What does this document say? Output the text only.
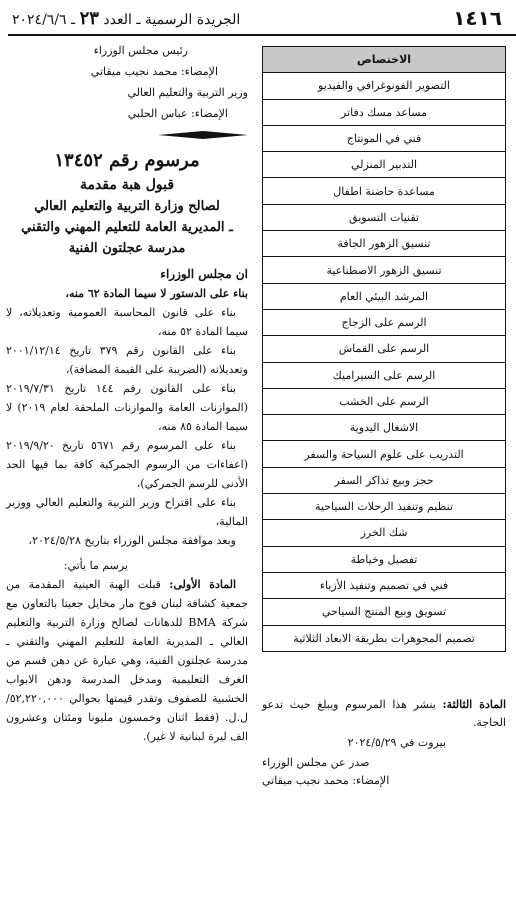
١٤١٦
الجريدة الرسمية ـ العدد ٢٣ ـ ٢٠٢٤/٦/٦
الاختصاص
التصوير الفونوغرافي والفيديو
مساعد مسك دفاتر
فني في المونتاج
التدبير المنزلي
مساعدة حاضنة اطفال
تقنيات التسويق
تنسيق الزهور الجافة
تنسيق الزهور الاصطناعية
المرشد البيئي العام
الرسم على الزجاج
الرسم على القماش
الرسم على السيراميك
الرسم على الخشب
الاشغال اليدوية
التدريب على علوم السياحة والسفر
حجز وبيع تذاكر السفر
تنظيم وتنفيذ الرحلات السياحية
شك الخرز
تفصيل وخياطة
فني في تصميم وتنفيذ الأزياء
تسويق وبيع المنتج السياحي
تصميم المجوهرات بطريقة الابعاد الثلاثية

المادة الثالثة: ينشر هذا المرسوم ويبلغ حيث تدعو الحاجة.

بيروت في ٢٠٢٤/٥/٢٩

صدر عن مجلس الوزراء

الإمضاء: محمد نجيب ميقاتي

رئيس مجلس الوزراء

الإمضاء: محمد نجيب ميقاتي

وزير التربية والتعليم العالي

الإمضاء: عباس الحلبي

مرسوم رقم ١٣٤٥٢

قبول هبة مقدمة

لصالح وزارة التربية والتعليم العالي

ـ المديرية العامة للتعليم المهني والتقني

مدرسة عجلتون الفنية

ان مجلس الوزراء

بناء على الدستور لا سيما المادة ٦٢ منه،

بناء على قانون المحاسبة العمومية وتعديلاته، لا سيما المادة ٥٢ منه،

بناء على القانون رقم ٣٧٩ تاريخ ٢٠٠١/١٢/١٤ وتعديلاته (الضريبة على القيمة المضافة)،

بناء على القانون رقم ١٤٤ تاريخ ٢٠١٩/٧/٣١ (الموازنات العامة والموازنات الملحقة لعام ٢٠١٩) لا سيما المادة ٨٥ منه،

بناء على المرسوم رقم ٥٦٧١ تاريخ ٢٠١٩/٩/٢٠ (اعفاءات من الرسوم الجمركية كافة بما فيها الحد الأدنى للرسم الجمركي)،

بناء على اقتراح وزير التربية والتعليم العالي ووزير المالية،

وبعد موافقة مجلس الوزراء بتاريخ ٢٠٢٤/٥/٢٨،

يرسم ما يأتي:

المادة الأولى: قبلت الهبة العينية المقدمة من جمعية كشافة لبنان فوج مار مخايل جعيتا بالتعاون مع شركة BMA للدهانات لصالح وزارة التربية والتعليم العالي ـ المديرية العامة للتعليم المهني والتقني ـ مدرسة عجلتون الفنية، وهي عبارة عن دهن قسم من الغرف التعليمية ومدخل المدرسة ودهن الابواب الخشبية للصفوف وتقدر قيمتها بحوالي ٥٢,٢٢٠,٠٠٠/ل.ل. (فقط اثنان وخمسون مليونا ومئتان وعشرون الف ليرة لبنانية لا غير).
